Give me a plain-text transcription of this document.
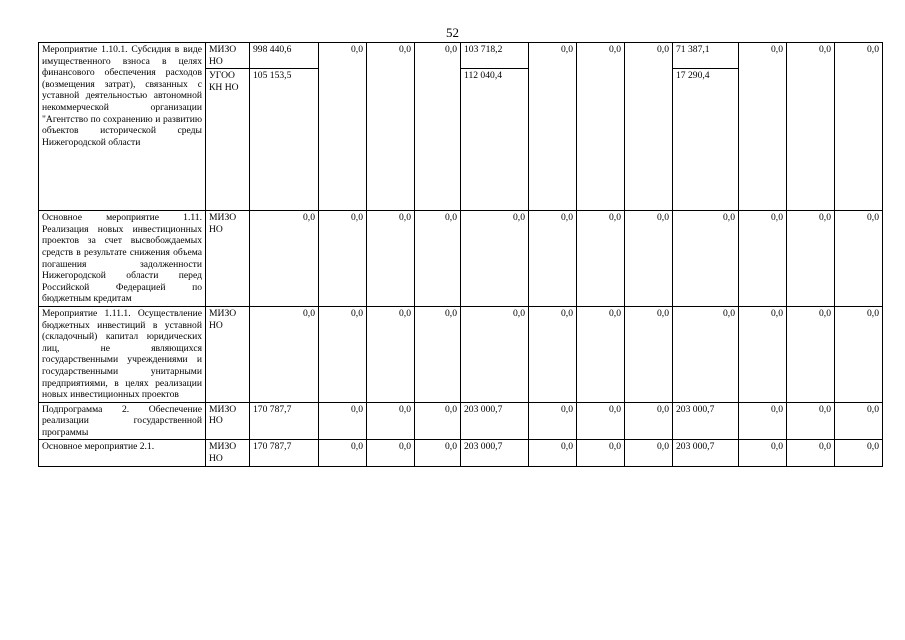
52
Мероприятие 1.10.1. Субсидия в виде имущественного взноса в целях финансового обеспечения расходов (возмещения затрат), связанных с уставной деятельностью автономной некоммерческой организации "Агентство по сохранению и развитию объектов исторической среды Нижегородской области	МИЗО НО	998 440,6	0,0	0,0	0,0	103 718,2	0,0	0,0	0,0	71 387,1	0,0	0,0	0,0
	УГОО КН НО	105 153,5				112 040,4				17 290,4			
Основное мероприятие 1.11. Реализация новых инвестиционных проектов за счет высвобождаемых средств в результате снижения объема погашения задолженности Нижегородской области перед Российской Федерацией по бюджетным кредитам	МИЗО НО	0,0	0,0	0,0	0,0	0,0	0,0	0,0	0,0	0,0	0,0	0,0	0,0
Мероприятие 1.11.1. Осуществление бюджетных инвестиций в уставной (складочный) капитал юридических лиц, не являющихся государственными учреждениями и государственными унитарными предприятиями, в целях реализации новых инвестиционных проектов	МИЗО НО	0,0	0,0	0,0	0,0	0,0	0,0	0,0	0,0	0,0	0,0	0,0	0,0
Подпрограмма 2. Обеспечение реализации государственной программы	МИЗО НО	170 787,7	0,0	0,0	0,0	203 000,7	0,0	0,0	0,0	203 000,7	0,0	0,0	0,0
Основное мероприятие 2.1.	МИЗО НО	170 787,7	0,0	0,0	0,0	203 000,7	0,0	0,0	0,0	203 000,7	0,0	0,0	0,0
